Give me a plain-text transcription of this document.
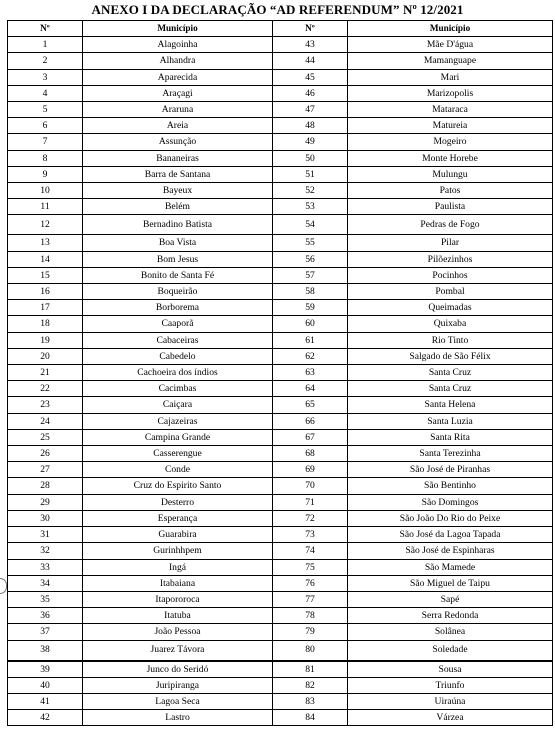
ANEXO I DA DECLARAÇÃO “AD REFERENDUM” Nº 12/2021
Nº	Município	Nº	Município
1	Alagoinha	43	Mãe D'água
2	Alhandra	44	Mamanguape
3	Aparecida	45	Mari
4	Araçagi	46	Marizopolis
5	Araruna	47	Mataraca
6	Areia	48	Matureia
7	Assunção	49	Mogeiro
8	Bananeiras	50	Monte Horebe
9	Barra de Santana	51	Mulungu
10	Bayeux	52	Patos
11	Belém	53	Paulista
12	Bernadino Batista	54	Pedras de Fogo
13	Boa Vista	55	Pilar
14	Bom Jesus	56	Pilõezinhos
15	Bonito de Santa Fé	57	Pocinhos
16	Boqueirão	58	Pombal
17	Borborema	59	Queimadas
18	Caaporã	60	Quixaba
19	Cabaceiras	61	Rio Tinto
20	Cabedelo	62	Salgado de São Félix
21	Cachoeira dos índios	63	Santa Cruz
22	Cacimbas	64	Santa Cruz
23	Caiçara	65	Santa Helena
24	Cajazeiras	66	Santa Luzia
25	Campina Grande	67	Santa Rita
26	Casserengue	68	Santa Terezinha
27	Conde	69	São José de Piranhas
28	Cruz do Espirito Santo	70	São Bentinho
29	Desterro	71	São Domingos
30	Esperança	72	São João Do Rio do Peixe
31	Guarabira	73	São José da Lagoa Tapada
32	Gurinhhpem	74	São José de Espinharas
33	Ingá	75	São Mamede
34	Itabaiana	76	São Miguel de Taipu
35	Itapororoca	77	Sapé
36	Itatuba	78	Serra Redonda
37	João Pessoa	79	Solânea
38	Juarez Távora	80	Soledade
39	Junco do Seridó	81	Sousa
40	Juripiranga	82	Triunfo
41	Lagoa Seca	83	Uiraúna
42	Lastro	84	Várzea
